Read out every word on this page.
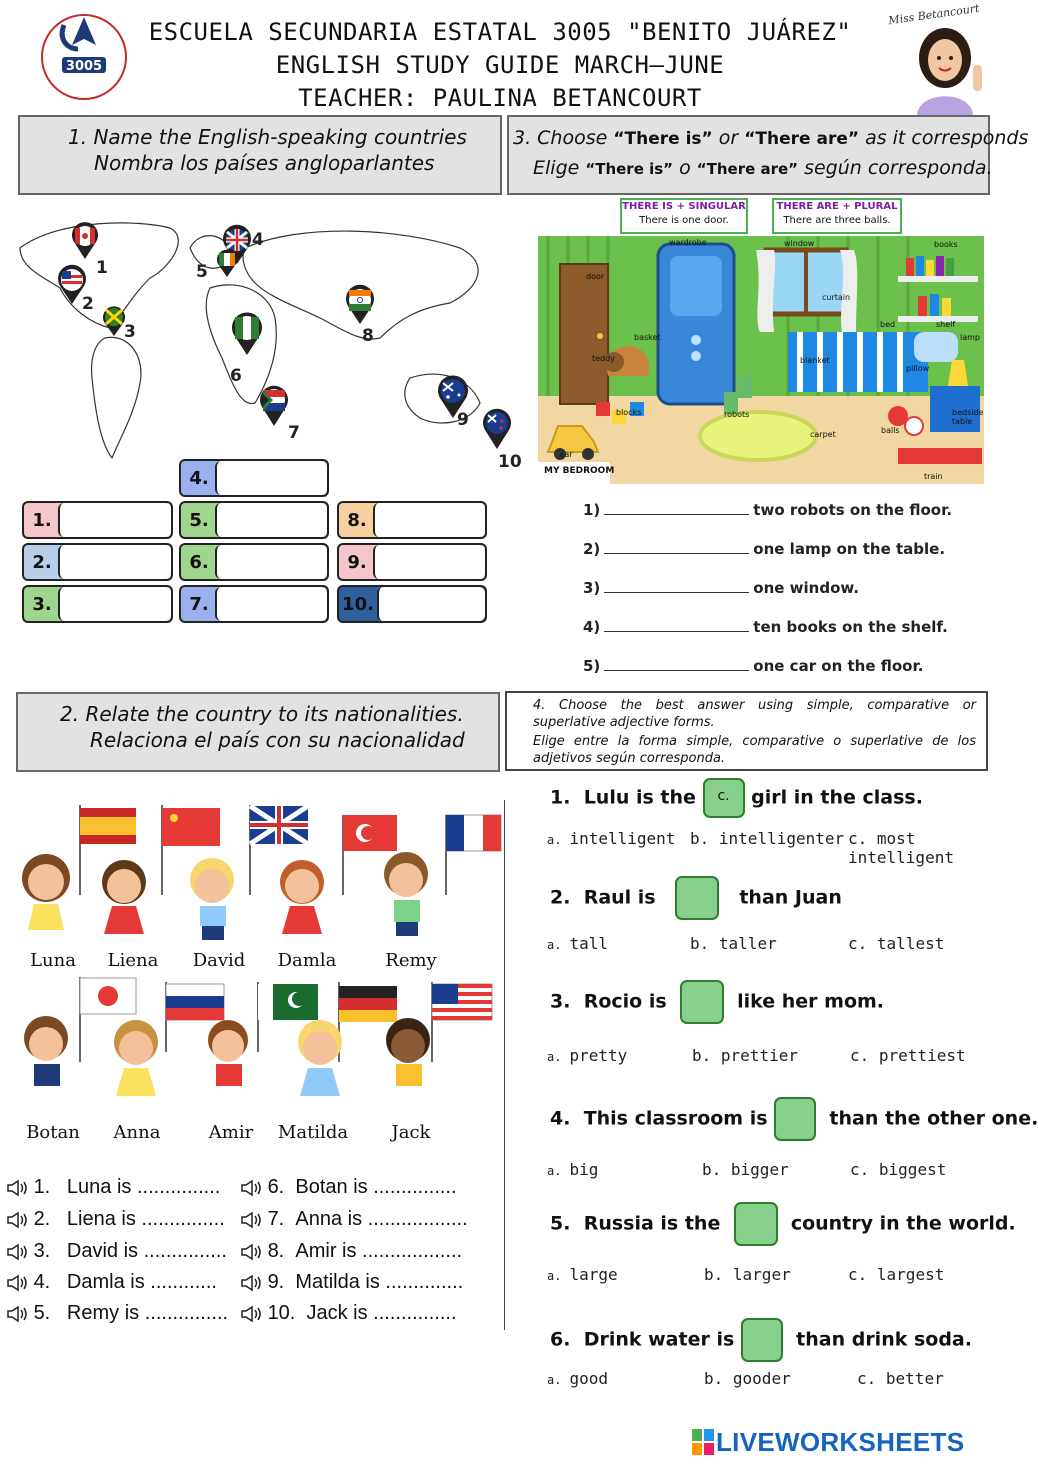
3005
ESCUELA SECUNDARIA ESTATAL 3005 "BENITO JUÁREZ"
ENGLISH STUDY GUIDE MARCH–JUNE
TEACHER: PAULINA BETANCOURT
Miss Betancourt
1. Name the English-speaking countries
Nombra los países angloparlantes
1
2
3
4
5
6
7
8
9
10
4.
1.	5.	8.
2.	6.	9.
3.	7.	10.
3. Choose “There is” or “There are” as it corresponds
Elige “There is” o “There are” según corresponda.
THERE IS + SINGULAR
There is one door.
THERE ARE + PLURAL
There are three balls.
MY BEDROOM
wardrobe	window	books
door
curtain
shelf
bed
lamp
basket
teddy	blanket
pillow
blocks	robots	bedside table
carpet	balls
car
train
1)	two robots on the floor.
2)	one lamp on the table.
3)	one window.
4)	ten books on the shelf.
5)	one car on the floor.
2. Relate the country to its nationalities.
Relaciona el país con su nacionalidad
Luna	Liena	David	Damla	Remy
Botan	Anna	Amir	Matilda	Jack
1. Luna is ...............
2. Liena is ...............
3. David is ...............
4. Damla is ............
5. Remy is ...............
6. Botan is ...............
7. Anna is ..................
8. Amir is ..................
9. Matilda is ..............
10. Jack is ...............
4. Choose the best answer using simple, comparative or superlative adjective forms.
Elige entre la forma simple, comparative o superlative de los adjetivos según corresponda.
1. Lulu is the c. girl in the class.
a. intelligent b. intelligenter c. most intelligent
2. Raul is	than Juan
a. tall	b. taller	c. tallest
3. Rocio is	like her mom.
a. pretty	b. prettier	c. prettiest
4. This classroom is	than the other one.
a. big	b. bigger	c. biggest
5. Russia is the	country in the world.
a. large	b. larger	c. largest
6. Drink water is	than drink soda.
a. good	b. gooder	c. better
LIVEWORKSHEETS
